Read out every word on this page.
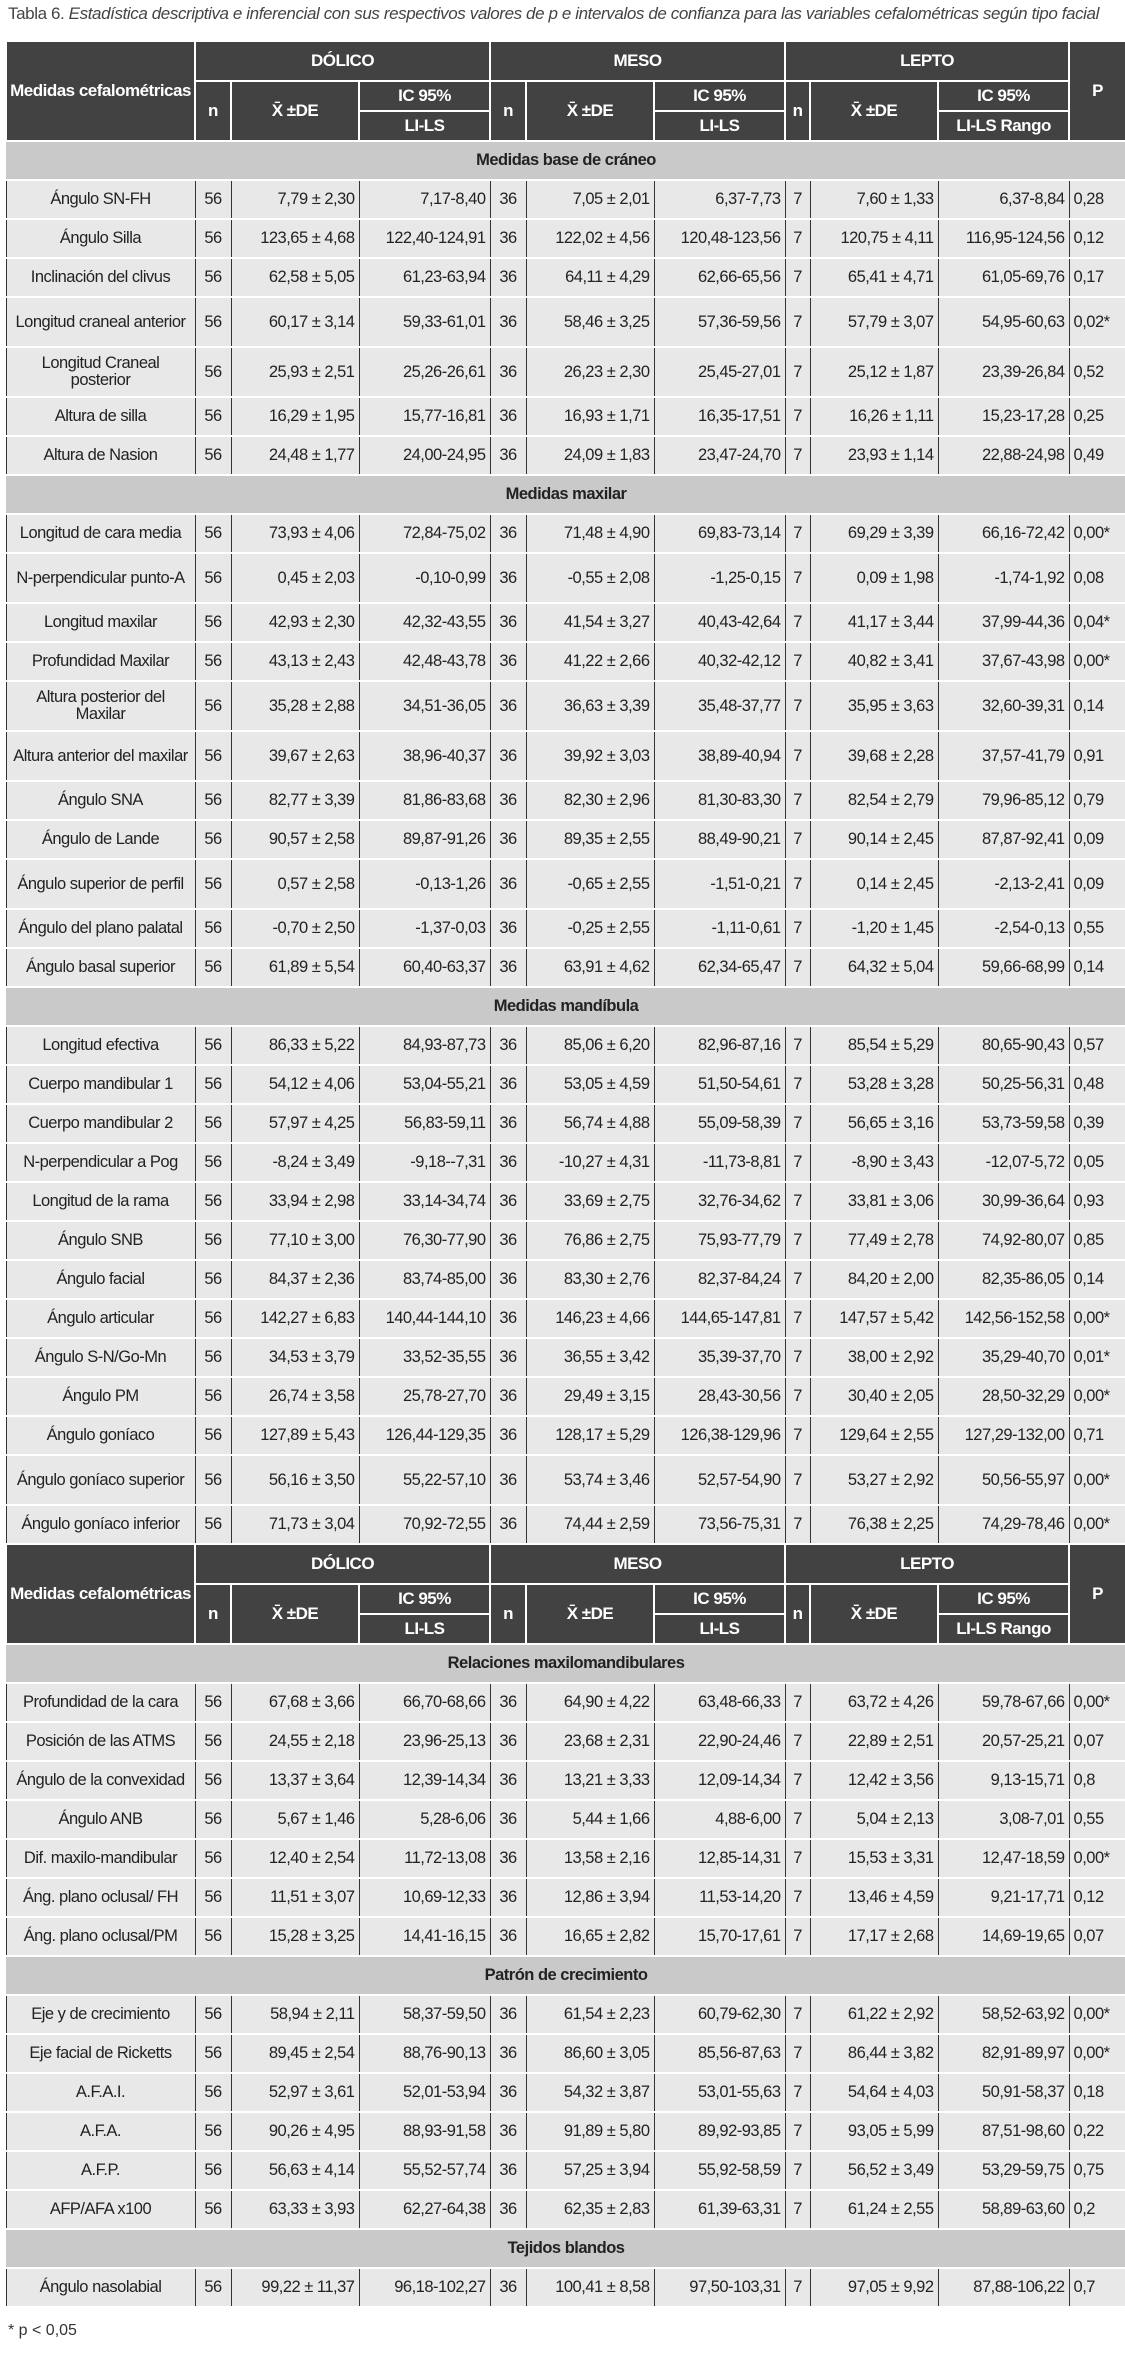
Tabla 6. Estadística descriptiva e inferencial con sus respectivos valores de p e intervalos de confianza para las variables cefalométricas según tipo facial
Medidas cefalométricas	DÓLICO			MESO			LEPTO			P
	n	X̄ ±DE	IC 95%	n	X̄ ±DE	IC 95%	n	X̄ ±DE	IC 95%	
			LI-LS			LI-LS			LI-LS Rango	
Medidas base de cráneo										
Ángulo SN-FH	56	7,79 ± 2,30	7,17-8,40	36	7,05 ± 2,01	6,37-7,73	7	7,60 ± 1,33	6,37-8,84	0,28
Ángulo Silla	56	123,65 ± 4,68	122,40-124,91	36	122,02 ± 4,56	120,48-123,56	7	120,75 ± 4,11	116,95-124,56	0,12
Inclinación del clivus	56	62,58 ± 5,05	61,23-63,94	36	64,11 ± 4,29	62,66-65,56	7	65,41 ± 4,71	61,05-69,76	0,17
Longitud craneal anterior	56	60,17 ± 3,14	59,33-61,01	36	58,46 ± 3,25	57,36-59,56	7	57,79 ± 3,07	54,95-60,63	0,02*
Longitud Craneal posterior	56	25,93 ± 2,51	25,26-26,61	36	26,23 ± 2,30	25,45-27,01	7	25,12 ± 1,87	23,39-26,84	0,52
Altura de silla	56	16,29 ± 1,95	15,77-16,81	36	16,93 ± 1,71	16,35-17,51	7	16,26 ± 1,11	15,23-17,28	0,25
Altura de Nasion	56	24,48 ± 1,77	24,00-24,95	36	24,09 ± 1,83	23,47-24,70	7	23,93 ± 1,14	22,88-24,98	0,49
Medidas maxilar										
Longitud de cara media	56	73,93 ± 4,06	72,84-75,02	36	71,48 ± 4,90	69,83-73,14	7	69,29 ± 3,39	66,16-72,42	0,00*
N-perpendicular punto-A	56	0,45 ± 2,03	-0,10-0,99	36	-0,55 ± 2,08	-1,25-0,15	7	0,09 ± 1,98	-1,74-1,92	0,08
Longitud maxilar	56	42,93 ± 2,30	42,32-43,55	36	41,54 ± 3,27	40,43-42,64	7	41,17 ± 3,44	37,99-44,36	0,04*
Profundidad Maxilar	56	43,13 ± 2,43	42,48-43,78	36	41,22 ± 2,66	40,32-42,12	7	40,82 ± 3,41	37,67-43,98	0,00*
Altura posterior del Maxilar	56	35,28 ± 2,88	34,51-36,05	36	36,63 ± 3,39	35,48-37,77	7	35,95 ± 3,63	32,60-39,31	0,14
Altura anterior del maxilar	56	39,67 ± 2,63	38,96-40,37	36	39,92 ± 3,03	38,89-40,94	7	39,68 ± 2,28	37,57-41,79	0,91
Ángulo SNA	56	82,77 ± 3,39	81,86-83,68	36	82,30 ± 2,96	81,30-83,30	7	82,54 ± 2,79	79,96-85,12	0,79
Ángulo de Lande	56	90,57 ± 2,58	89,87-91,26	36	89,35 ± 2,55	88,49-90,21	7	90,14 ± 2,45	87,87-92,41	0,09
Ángulo superior de perfil	56	0,57 ± 2,58	-0,13-1,26	36	-0,65 ± 2,55	-1,51-0,21	7	0,14 ± 2,45	-2,13-2,41	0,09
Ángulo del plano palatal	56	-0,70 ± 2,50	-1,37-0,03	36	-0,25 ± 2,55	-1,11-0,61	7	-1,20 ± 1,45	-2,54-0,13	0,55
Ángulo basal superior	56	61,89 ± 5,54	60,40-63,37	36	63,91 ± 4,62	62,34-65,47	7	64,32 ± 5,04	59,66-68,99	0,14
Medidas mandíbula										
Longitud efectiva	56	86,33 ± 5,22	84,93-87,73	36	85,06 ± 6,20	82,96-87,16	7	85,54 ± 5,29	80,65-90,43	0,57
Cuerpo mandibular 1	56	54,12 ± 4,06	53,04-55,21	36	53,05 ± 4,59	51,50-54,61	7	53,28 ± 3,28	50,25-56,31	0,48
Cuerpo mandibular 2	56	57,97 ± 4,25	56,83-59,11	36	56,74 ± 4,88	55,09-58,39	7	56,65 ± 3,16	53,73-59,58	0,39
N-perpendicular a Pog	56	-8,24 ± 3,49	-9,18--7,31	36	-10,27 ± 4,31	-11,73-8,81	7	-8,90 ± 3,43	-12,07-5,72	0,05
Longitud de la rama	56	33,94 ± 2,98	33,14-34,74	36	33,69 ± 2,75	32,76-34,62	7	33,81 ± 3,06	30,99-36,64	0,93
Ángulo SNB	56	77,10 ± 3,00	76,30-77,90	36	76,86 ± 2,75	75,93-77,79	7	77,49 ± 2,78	74,92-80,07	0,85
Ángulo facial	56	84,37 ± 2,36	83,74-85,00	36	83,30 ± 2,76	82,37-84,24	7	84,20 ± 2,00	82,35-86,05	0,14
Ángulo articular	56	142,27 ± 6,83	140,44-144,10	36	146,23 ± 4,66	144,65-147,81	7	147,57 ± 5,42	142,56-152,58	0,00*
Ángulo S-N/Go-Mn	56	34,53 ± 3,79	33,52-35,55	36	36,55 ± 3,42	35,39-37,70	7	38,00 ± 2,92	35,29-40,70	0,01*
Ángulo PM	56	26,74 ± 3,58	25,78-27,70	36	29,49 ± 3,15	28,43-30,56	7	30,40 ± 2,05	28,50-32,29	0,00*
Ángulo goníaco	56	127,89 ± 5,43	126,44-129,35	36	128,17 ± 5,29	126,38-129,96	7	129,64 ± 2,55	127,29-132,00	0,71
Ángulo goníaco superior	56	56,16 ± 3,50	55,22-57,10	36	53,74 ± 3,46	52,57-54,90	7	53,27 ± 2,92	50,56-55,97	0,00*
Ángulo goníaco inferior	56	71,73 ± 3,04	70,92-72,55	36	74,44 ± 2,59	73,56-75,31	7	76,38 ± 2,25	74,29-78,46	0,00*
Medidas cefalométricas	DÓLICO			MESO			LEPTO			P
	n	X̄ ±DE	IC 95%	n	X̄ ±DE	IC 95%	n	X̄ ±DE	IC 95%	
			LI-LS			LI-LS			LI-LS Rango	
Relaciones maxilomandibulares										
Profundidad de la cara	56	67,68 ± 3,66	66,70-68,66	36	64,90 ± 4,22	63,48-66,33	7	63,72 ± 4,26	59,78-67,66	0,00*
Posición de las ATMS	56	24,55 ± 2,18	23,96-25,13	36	23,68 ± 2,31	22,90-24,46	7	22,89 ± 2,51	20,57-25,21	0,07
Ángulo de la convexidad	56	13,37 ± 3,64	12,39-14,34	36	13,21 ± 3,33	12,09-14,34	7	12,42 ± 3,56	9,13-15,71	0,8
Ángulo ANB	56	5,67 ± 1,46	5,28-6,06	36	5,44 ± 1,66	4,88-6,00	7	5,04 ± 2,13	3,08-7,01	0,55
Dif. maxilo-mandibular	56	12,40 ± 2,54	11,72-13,08	36	13,58 ± 2,16	12,85-14,31	7	15,53 ± 3,31	12,47-18,59	0,00*
Áng. plano oclusal/ FH	56	11,51 ± 3,07	10,69-12,33	36	12,86 ± 3,94	11,53-14,20	7	13,46 ± 4,59	9,21-17,71	0,12
Áng. plano oclusal/PM	56	15,28 ± 3,25	14,41-16,15	36	16,65 ± 2,82	15,70-17,61	7	17,17 ± 2,68	14,69-19,65	0,07
Patrón de crecimiento										
Eje y de crecimiento	56	58,94 ± 2,11	58,37-59,50	36	61,54 ± 2,23	60,79-62,30	7	61,22 ± 2,92	58,52-63,92	0,00*
Eje facial de Ricketts	56	89,45 ± 2,54	88,76-90,13	36	86,60 ± 3,05	85,56-87,63	7	86,44 ± 3,82	82,91-89,97	0,00*
A.F.A.I.	56	52,97 ± 3,61	52,01-53,94	36	54,32 ± 3,87	53,01-55,63	7	54,64 ± 4,03	50,91-58,37	0,18
A.F.A.	56	90,26 ± 4,95	88,93-91,58	36	91,89 ± 5,80	89,92-93,85	7	93,05 ± 5,99	87,51-98,60	0,22
A.F.P.	56	56,63 ± 4,14	55,52-57,74	36	57,25 ± 3,94	55,92-58,59	7	56,52 ± 3,49	53,29-59,75	0,75
AFP/AFA x100	56	63,33 ± 3,93	62,27-64,38	36	62,35 ± 2,83	61,39-63,31	7	61,24 ± 2,55	58,89-63,60	0,2
Tejidos blandos										
Ángulo nasolabial	56	99,22 ± 11,37	96,18-102,27	36	100,41 ± 8,58	97,50-103,31	7	97,05 ± 9,92	87,88-106,22	0,7
* p < 0,05
